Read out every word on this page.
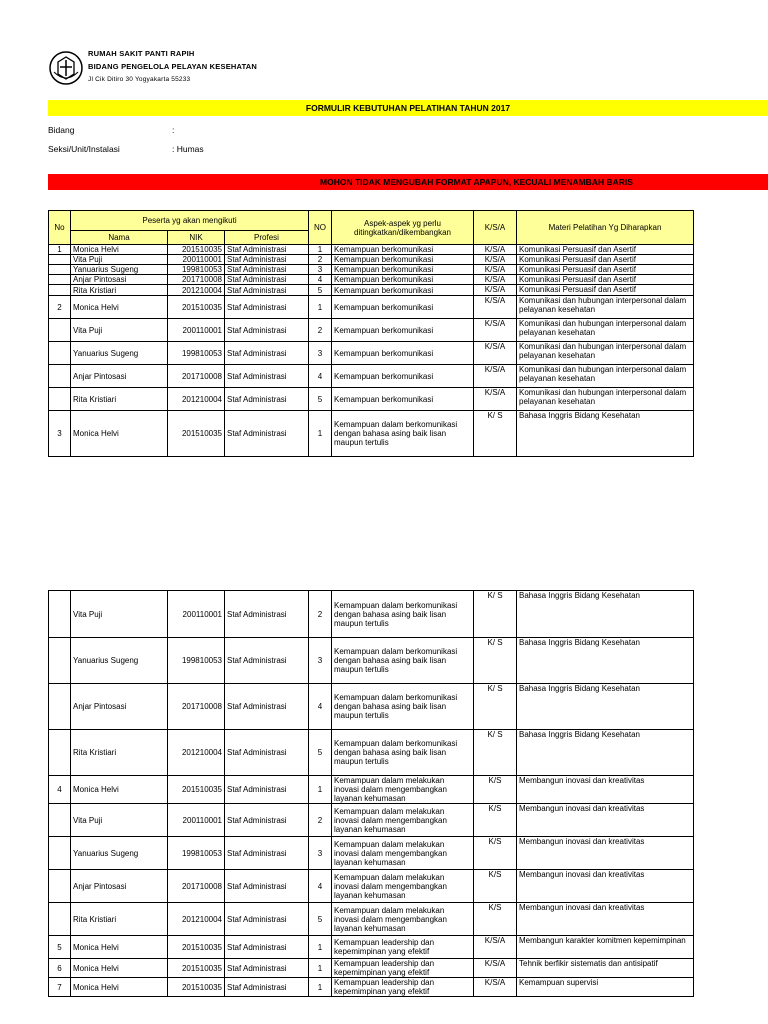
RUMAH SAKIT PANTI RAPIH
BIDANG PENGELOLA PELAYAN KESEHATAN
Jl Cik Ditiro 30 Yogyakarta 55233
FORMULIR KEBUTUHAN PELATIHAN TAHUN 2017
Bidang	:
Seksi/Unit/Instalasi	: Humas
MOHON TIDAK MENGUBAH FORMAT APAPUN, KECUALI MENAMBAH BARIS
No	Peserta yg akan mengikuti			NO	Aspek-aspek yg perlu ditingkatkan/dikembangkan	K/S/A	Materi Pelatihan Yg Diharapkan
	Nama	NIK	Profesi				
1	Monica Helvi	201510035	Staf Administrasi	1	Kemampuan berkomunikasi	K/S/A	Komunikasi Persuasif dan Asertif
	Vita Puji	200110001	Staf Administrasi	2	Kemampuan berkomunikasi	K/S/A	Komunikasi Persuasif dan Asertif
	Yanuarius Sugeng	199810053	Staf Administrasi	3	Kemampuan berkomunikasi	K/S/A	Komunikasi Persuasif dan Asertif
	Anjar Pintosasi	201710008	Staf Administrasi	4	Kemampuan berkomunikasi	K/S/A	Komunikasi Persuasif dan Asertif
	Rita Kristiari	201210004	Staf Administrasi	5	Kemampuan berkomunikasi	K/S/A	Komunikasi Persuasif dan Asertif
2	Monica Helvi	201510035	Staf Administrasi	1	Kemampuan berkomunikasi	K/S/A	Komunikasi dan hubungan interpersonal dalam pelayanan kesehatan
	Vita Puji	200110001	Staf Administrasi	2	Kemampuan berkomunikasi	K/S/A	Komunikasi dan hubungan interpersonal dalam pelayanan kesehatan
	Yanuarius Sugeng	199810053	Staf Administrasi	3	Kemampuan berkomunikasi	K/S/A	Komunikasi dan hubungan interpersonal dalam pelayanan kesehatan
	Anjar Pintosasi	201710008	Staf Administrasi	4	Kemampuan berkomunikasi	K/S/A	Komunikasi dan hubungan interpersonal dalam pelayanan kesehatan
	Rita Kristiari	201210004	Staf Administrasi	5	Kemampuan berkomunikasi	K/S/A	Komunikasi dan hubungan interpersonal dalam pelayanan kesehatan
3	Monica Helvi	201510035	Staf Administrasi	1	Kemampuan dalam berkomunikasi dengan bahasa asing baik lisan maupun tertulis	K/ S	Bahasa Inggris Bidang Kesehatan
	Vita Puji	200110001	Staf Administrasi	2	Kemampuan dalam berkomunikasi dengan bahasa asing baik lisan maupun tertulis	K/ S	Bahasa Inggris Bidang Kesehatan
	Yanuarius Sugeng	199810053	Staf Administrasi	3	Kemampuan dalam berkomunikasi dengan bahasa asing baik lisan maupun tertulis	K/ S	Bahasa Inggris Bidang Kesehatan
	Anjar Pintosasi	201710008	Staf Administrasi	4	Kemampuan dalam berkomunikasi dengan bahasa asing baik lisan maupun tertulis	K/ S	Bahasa Inggris Bidang Kesehatan
	Rita Kristiari	201210004	Staf Administrasi	5	Kemampuan dalam berkomunikasi dengan bahasa asing baik lisan maupun tertulis	K/ S	Bahasa Inggris Bidang Kesehatan
4	Monica Helvi	201510035	Staf Administrasi	1	Kemampuan dalam melakukan inovasi dalam mengembangkan layanan kehumasan	K/S	Membangun inovasi dan kreativitas
	Vita Puji	200110001	Staf Administrasi	2	Kemampuan dalam melakukan inovasi dalam mengembangkan layanan kehumasan	K/S	Membangun inovasi dan kreativitas
	Yanuarius Sugeng	199810053	Staf Administrasi	3	Kemampuan dalam melakukan inovasi dalam mengembangkan layanan kehumasan	K/S	Membangun inovasi dan kreativitas
	Anjar Pintosasi	201710008	Staf Administrasi	4	Kemampuan dalam melakukan inovasi dalam mengembangkan layanan kehumasan	K/S	Membangun inovasi dan kreativitas
	Rita Kristiari	201210004	Staf Administrasi	5	Kemampuan dalam melakukan inovasi dalam mengembangkan layanan kehumasan	K/S	Membangun inovasi dan kreativitas
5	Monica Helvi	201510035	Staf Administrasi	1	Kemampuan leadership dan kepemimpinan yang efektif	K/S/A	Membangun karakter komitmen kepemimpinan
6	Monica Helvi	201510035	Staf Administrasi	1	Kemampuan leadership dan kepemimpinan yang efektif	K/S/A	Tehnik berfikir sistematis dan antisipatif
7	Monica Helvi	201510035	Staf Administrasi	1	Kemampuan leadership dan kepemimpinan yang efektif	K/S/A	Kemampuan supervisi
